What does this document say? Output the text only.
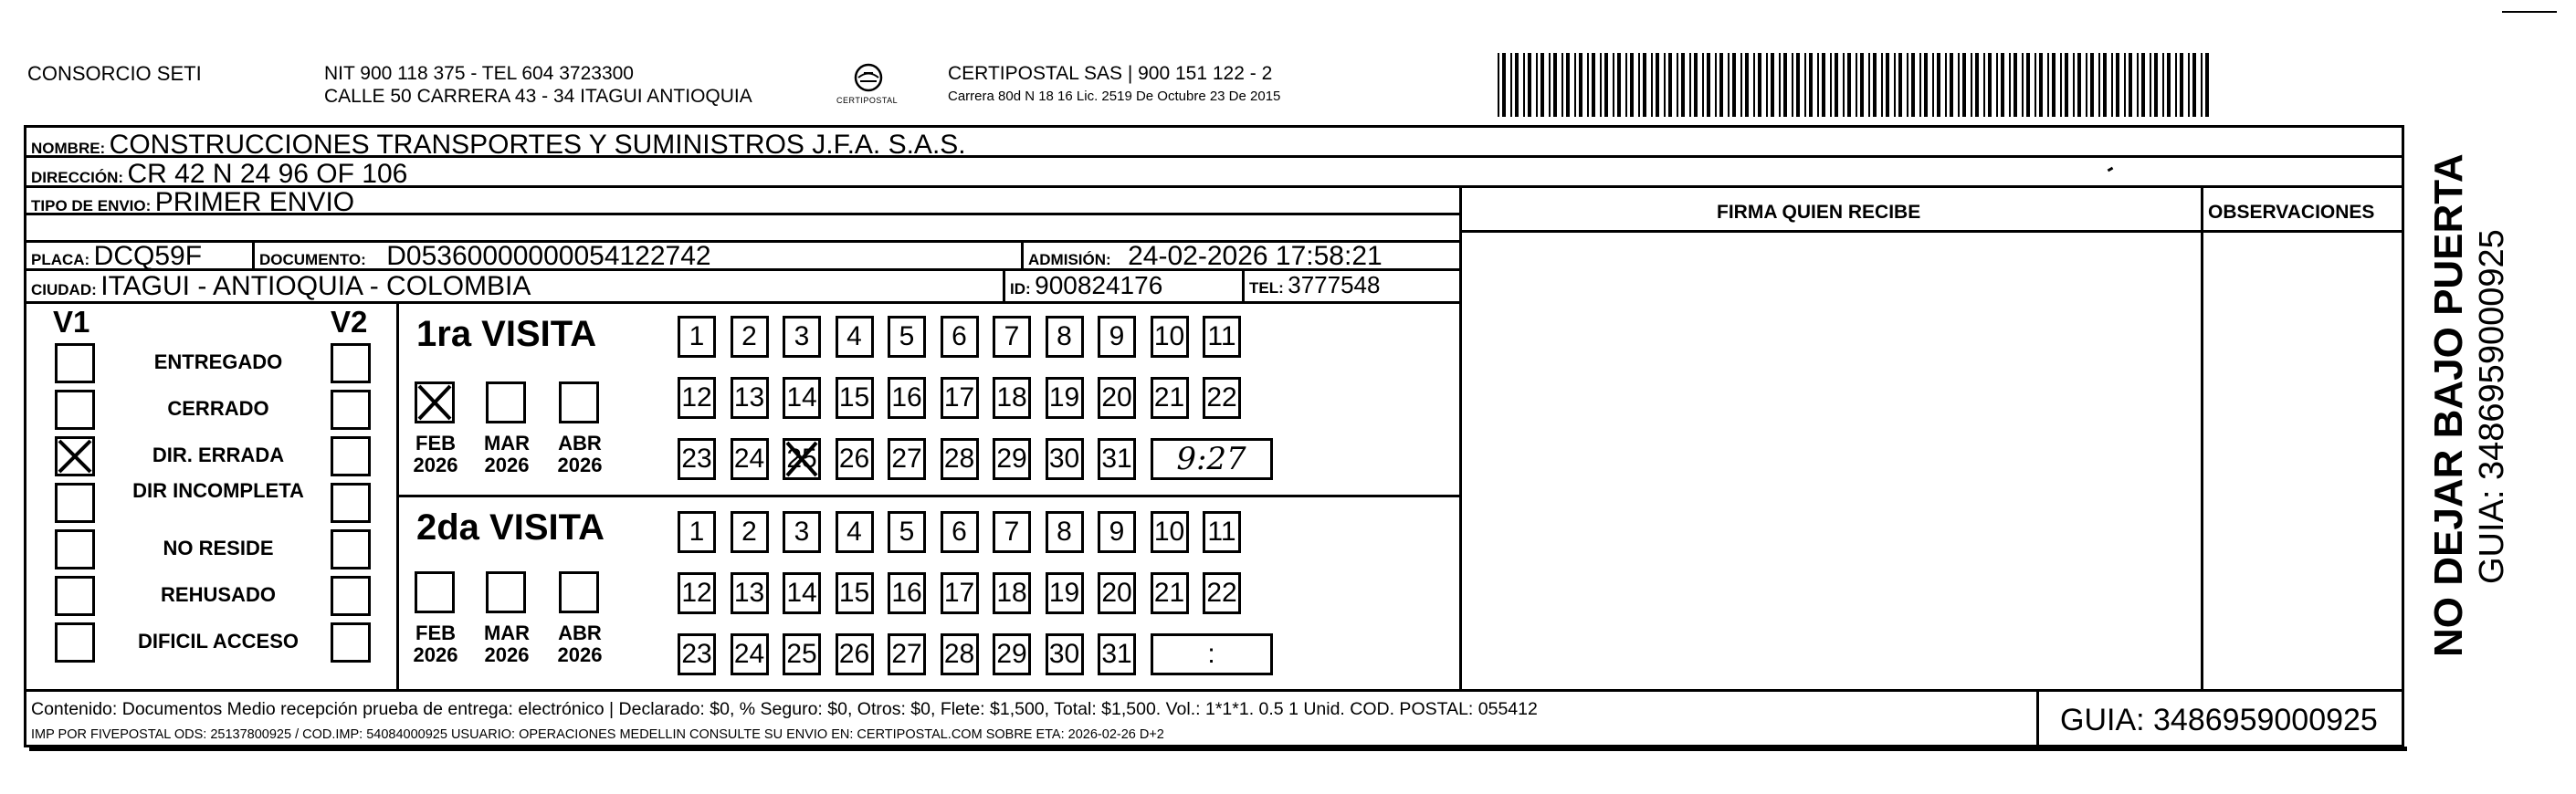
CONSORCIO SETI	NIT 900 118 375 - TEL 604 3723300
CALLE 50 CARRERA 43 - 34 ITAGUI ANTIOQUIA	CERTIPOSTAL
CERTIPOSTAL SAS | 900 151 122 - 2
Carrera 80d N 18 16 Lic. 2519 De Octubre 23 De 2015
NOMBRE: CONSTRUCCIONES TRANSPORTES Y SUMINISTROS J.F.A. S.A.S.
DIRECCIÓN: CR 42 N 24 96 OF 106
TIPO DE ENVIO: PRIMER ENVIO	FIRMA QUIEN RECIBE	OBSERVACIONES
PLACA: DCQ59F	DOCUMENTO: D05360000000054122742	ADMISIÓN: 24-02-2026 17:58:21
CIUDAD: ITAGUI - ANTIOQUIA - COLOMBIA	ID: 900824176	TEL: 3777548
V1	V2 1ra VISITA
2da VISITA
Contenido: Documentos Medio recepción prueba de entrega: electrónico | Declarado: $0, % Seguro: $0, Otros: $0, Flete: $1,500, Total: $1,500. Vol.: 1*1*1. 0.5 1 Unid. COD. POSTAL: 055412
IMP POR FIVEPOSTAL ODS: 25137800925 / COD.IMP: 54084000925 USUARIO: OPERACIONES MEDELLIN CONSULTE SU ENVIO EN: CERTIPOSTAL.COM SOBRE ETA: 2026-02-26 D+2	GUIA: 3486959000925
NO DEJAR BAJO PUERTA GUIA: 3486959000925
ENTREGADO
CERRADO
DIR. ERRADA
DIR INCOMPLETA
NO RESIDE
REHUSADO
DIFICIL ACCESO
FEB
2026
MAR
2026
ABR
2026
FEB
2026
MAR
2026
ABR
2026
1	2	3	4	5	6	7	8	9	10 11
12 13 14 15 16 17 18 19 20 21 22
23 24 25 26 27 28 29 30 31	9:27
1	2	3	4	5	6	7	8	9	10 11
12 13 14 15 16 17 18 19 20 21 22
23 24 25 26 27 28 29 30 31	:
